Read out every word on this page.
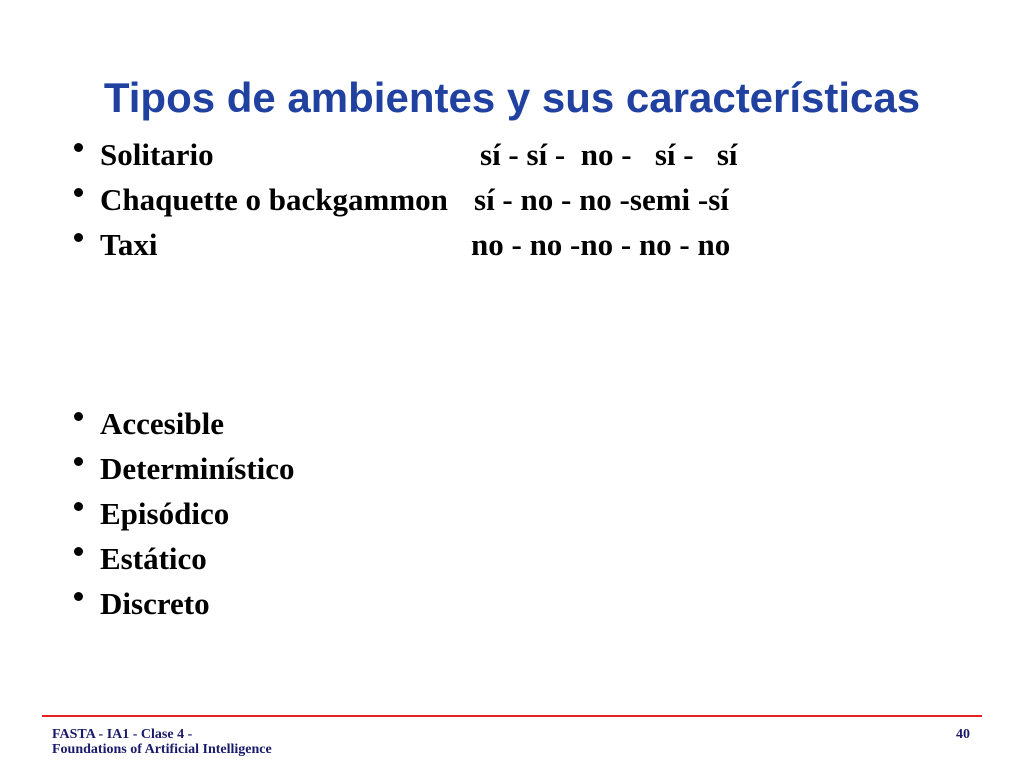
Tipos de ambientes y sus características
Solitario	sí - sí -  no -   sí -   sí
Chaquette o backgammon sí - no - no -semi -sí
Taxi	no - no -no - no - no
Accesible
Determinístico
Episódico
Estático
Discreto
FASTA - IA1 - Clase 4 -
Foundations of Artificial Intelligence
40
